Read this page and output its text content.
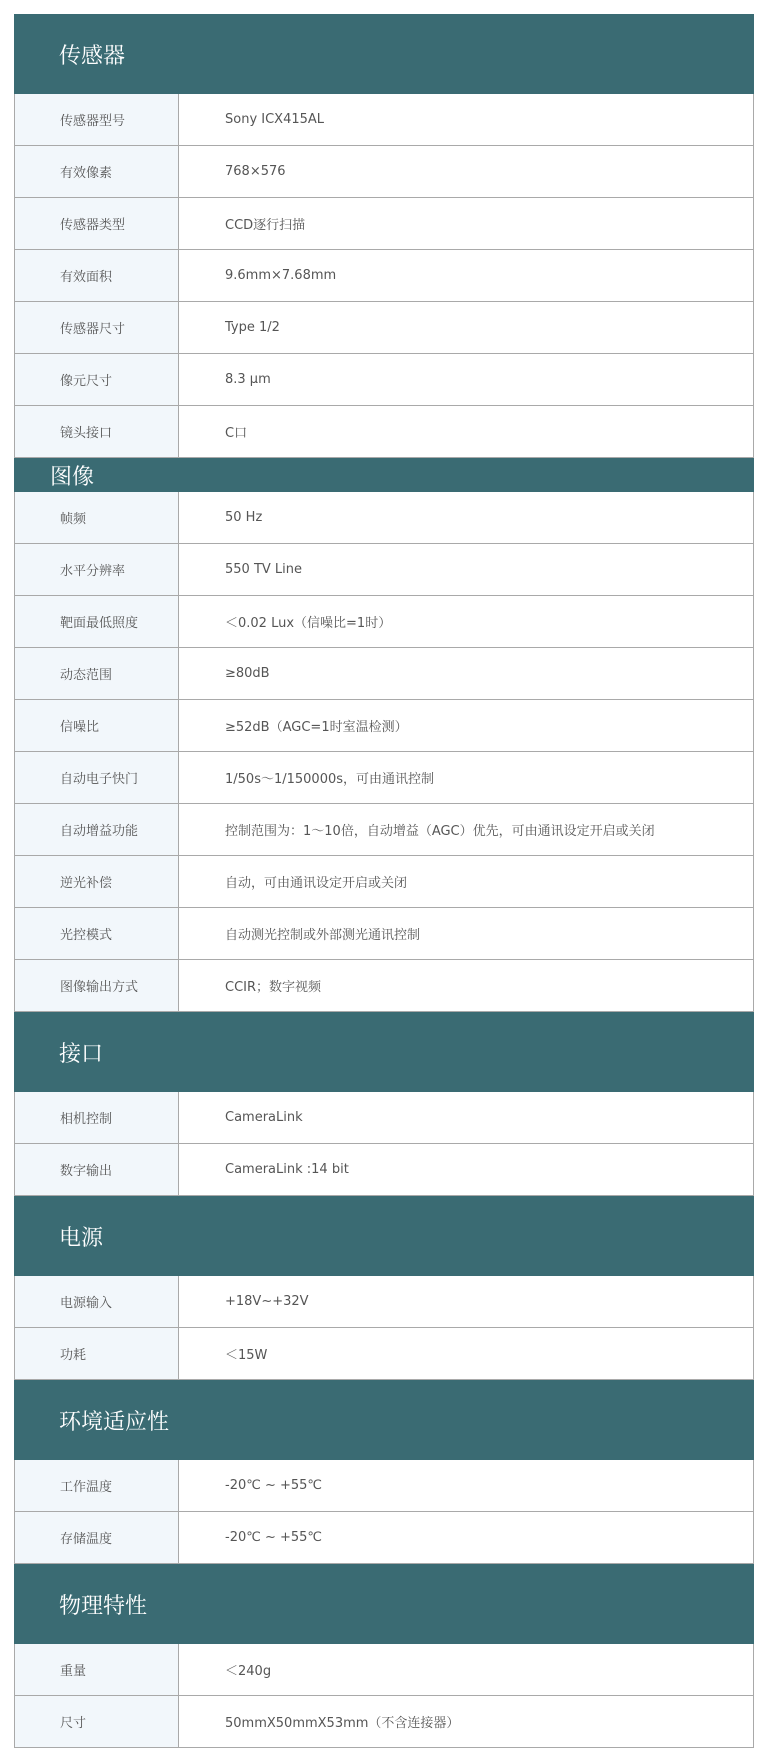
传感器
传感器型号	Sony ICX415AL
有效像素	768×576
传感器类型	CCD逐行扫描
有效面积	9.6mm×7.68mm
传感器尺寸	Type 1/2
像元尺寸	8.3 µm
镜头接口	C口
图像
帧频	50 Hz
水平分辨率	550 TV Line
靶面最低照度	＜0.02 Lux（信噪比=1时）
动态范围	≥80dB
信噪比	≥52dB（AGC=1时室温检测）
自动电子快门	1/50s～1/150000s，可由通讯控制
自动增益功能	控制范围为：1～10倍，自动增益（AGC）优先，可由通讯设定开启或关闭
逆光补偿	自动，可由通讯设定开启或关闭
光控模式	自动测光控制或外部测光通讯控制
图像输出方式	CCIR；数字视频
接口
相机控制	CameraLink
数字输出	CameraLink :14 bit
电源
电源输入	+18V~+32V
功耗	＜15W
环境适应性
工作温度	-20℃ ~ +55℃
存储温度	-20℃ ~ +55℃
物理特性
重量	＜240g
尺寸	50mmX50mmX53mm（不含连接器）
